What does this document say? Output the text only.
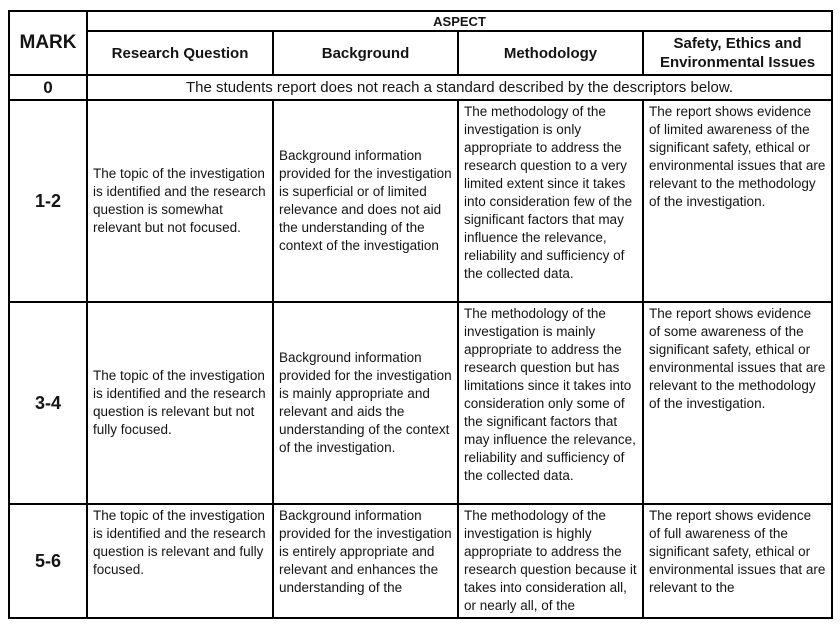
MARK	ASPECT			
	Research Question	Background	Methodology	Safety, Ethics and Environmental Issues
0	The students report does not reach a standard described by the descriptors below.			
1-2	The topic of the investigation is identified and the research question is somewhat relevant but not focused.	Background information provided for the investigation is superficial or of limited relevance and does not aid the understanding of the context of the investigation	The methodology of the investigation is only appropriate to address the research question to a very limited extent since it takes into consideration few of the significant factors that may influence the relevance, reliability and sufficiency of the collected data.	The report shows evidence of limited awareness of the significant safety, ethical or environmental issues that are relevant to the methodology of the investigation.
3-4	The topic of the investigation is identified and the research question is relevant but not fully focused.	Background information provided for the investigation is mainly appropriate and relevant and aids the understanding of the context of the investigation.	The methodology of the investigation is mainly appropriate to address the research question but has limitations since it takes into consideration only some of the significant factors that may influence the relevance, reliability and sufficiency of the collected data.	The report shows evidence of some awareness of the significant safety, ethical or environmental issues that are relevant to the methodology of the investigation.
5-6	The topic of the investigation is identified and the research question is relevant and fully focused.	Background information provided for the investigation is entirely appropriate and relevant and enhances the understanding of the	The methodology of the investigation is highly appropriate to address the research question because it takes into consideration all, or nearly all, of the	The report shows evidence of full awareness of the significant safety, ethical or environmental issues that are relevant to the
